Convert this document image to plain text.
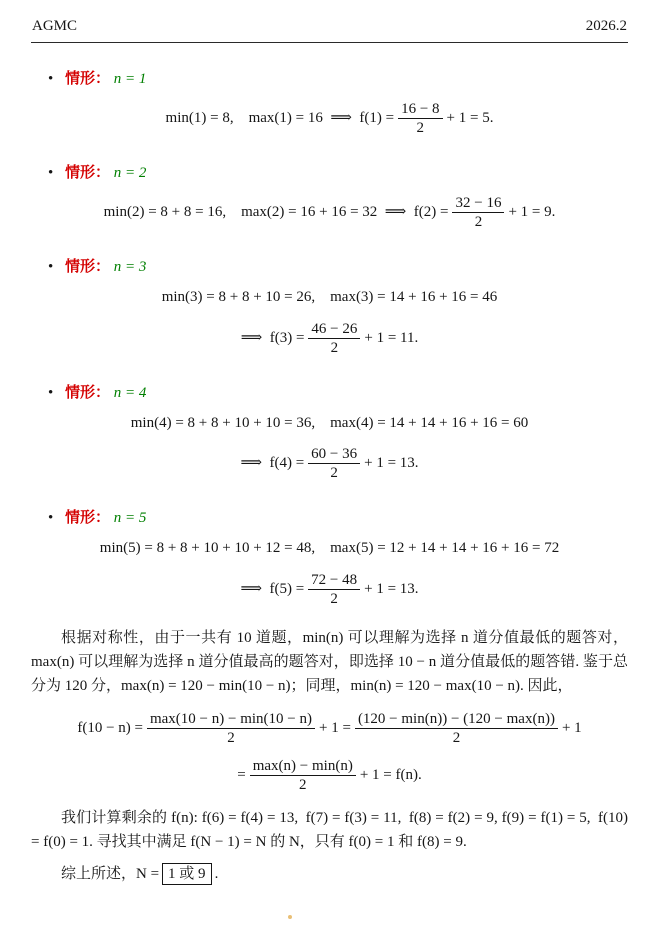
AGMC	2026.2
• 情形： n = 1
min(1) = 8, max(1) = 16 ⟹ $f(1) = \frac{16 - 8}{2} + 1 = 5$.
• 情形： n = 2
min(2) = 8 + 8 = 16, max(2) = 16 + 16 = 32 ⟹ $f(2) = \frac{32 - 16}{2} + 1 = 9$.
• 情形： n = 3
min(3) = 8 + 8 + 10 = 26, max(3) = 14 + 16 + 16 = 46
⟹ $f(3) = \frac{46 - 26}{2} + 1 = 11$.
• 情形： n = 4
min(4) = 8 + 8 + 10 + 10 = 36, max(4) = 14 + 14 + 16 + 16 = 60
⟹ $f(4) = \frac{60 - 36}{2} + 1 = 13$.
• 情形： n = 5
min(5) = 8 + 8 + 10 + 10 + 12 = 48, max(5) = 12 + 14 + 14 + 16 + 16 = 72
⟹ $f(5) = \frac{72 - 48}{2} + 1 = 13$.

根据对称性，由于一共有 10 道题，min(n) 可以理解为选择 n 道分值最低的题答对，max(n) 可以理解为选择 n 道分值最高的题答对，即选择 10 − n 道分值最低的题答错. 鉴于总分为 120 分，max(n) = 120 − min(10 − n)；同理，min(n) = 120 − max(10 − n). 因此，

$f(10 - n) = \frac{\max(10 - n) - \min(10 - n)}{2} + 1 = \frac{(120 - \min(n)) - (120 - \max(n))}{2} + 1$
= $\frac{\max(n) - \min(n)}{2} + 1 = f(n)$.

我们计算剩余的 f(n): f(6) = f(4) = 13, f(7) = f(3) = 11, f(8) = f(2) = 9, f(9) = f(1) = 5, f(10) = f(0) = 1. 寻找其中满足 f(N − 1) = N 的 N，只有 f(0) = 1 和 f(8) = 9.

综上所述，N = 1 或 9 .
